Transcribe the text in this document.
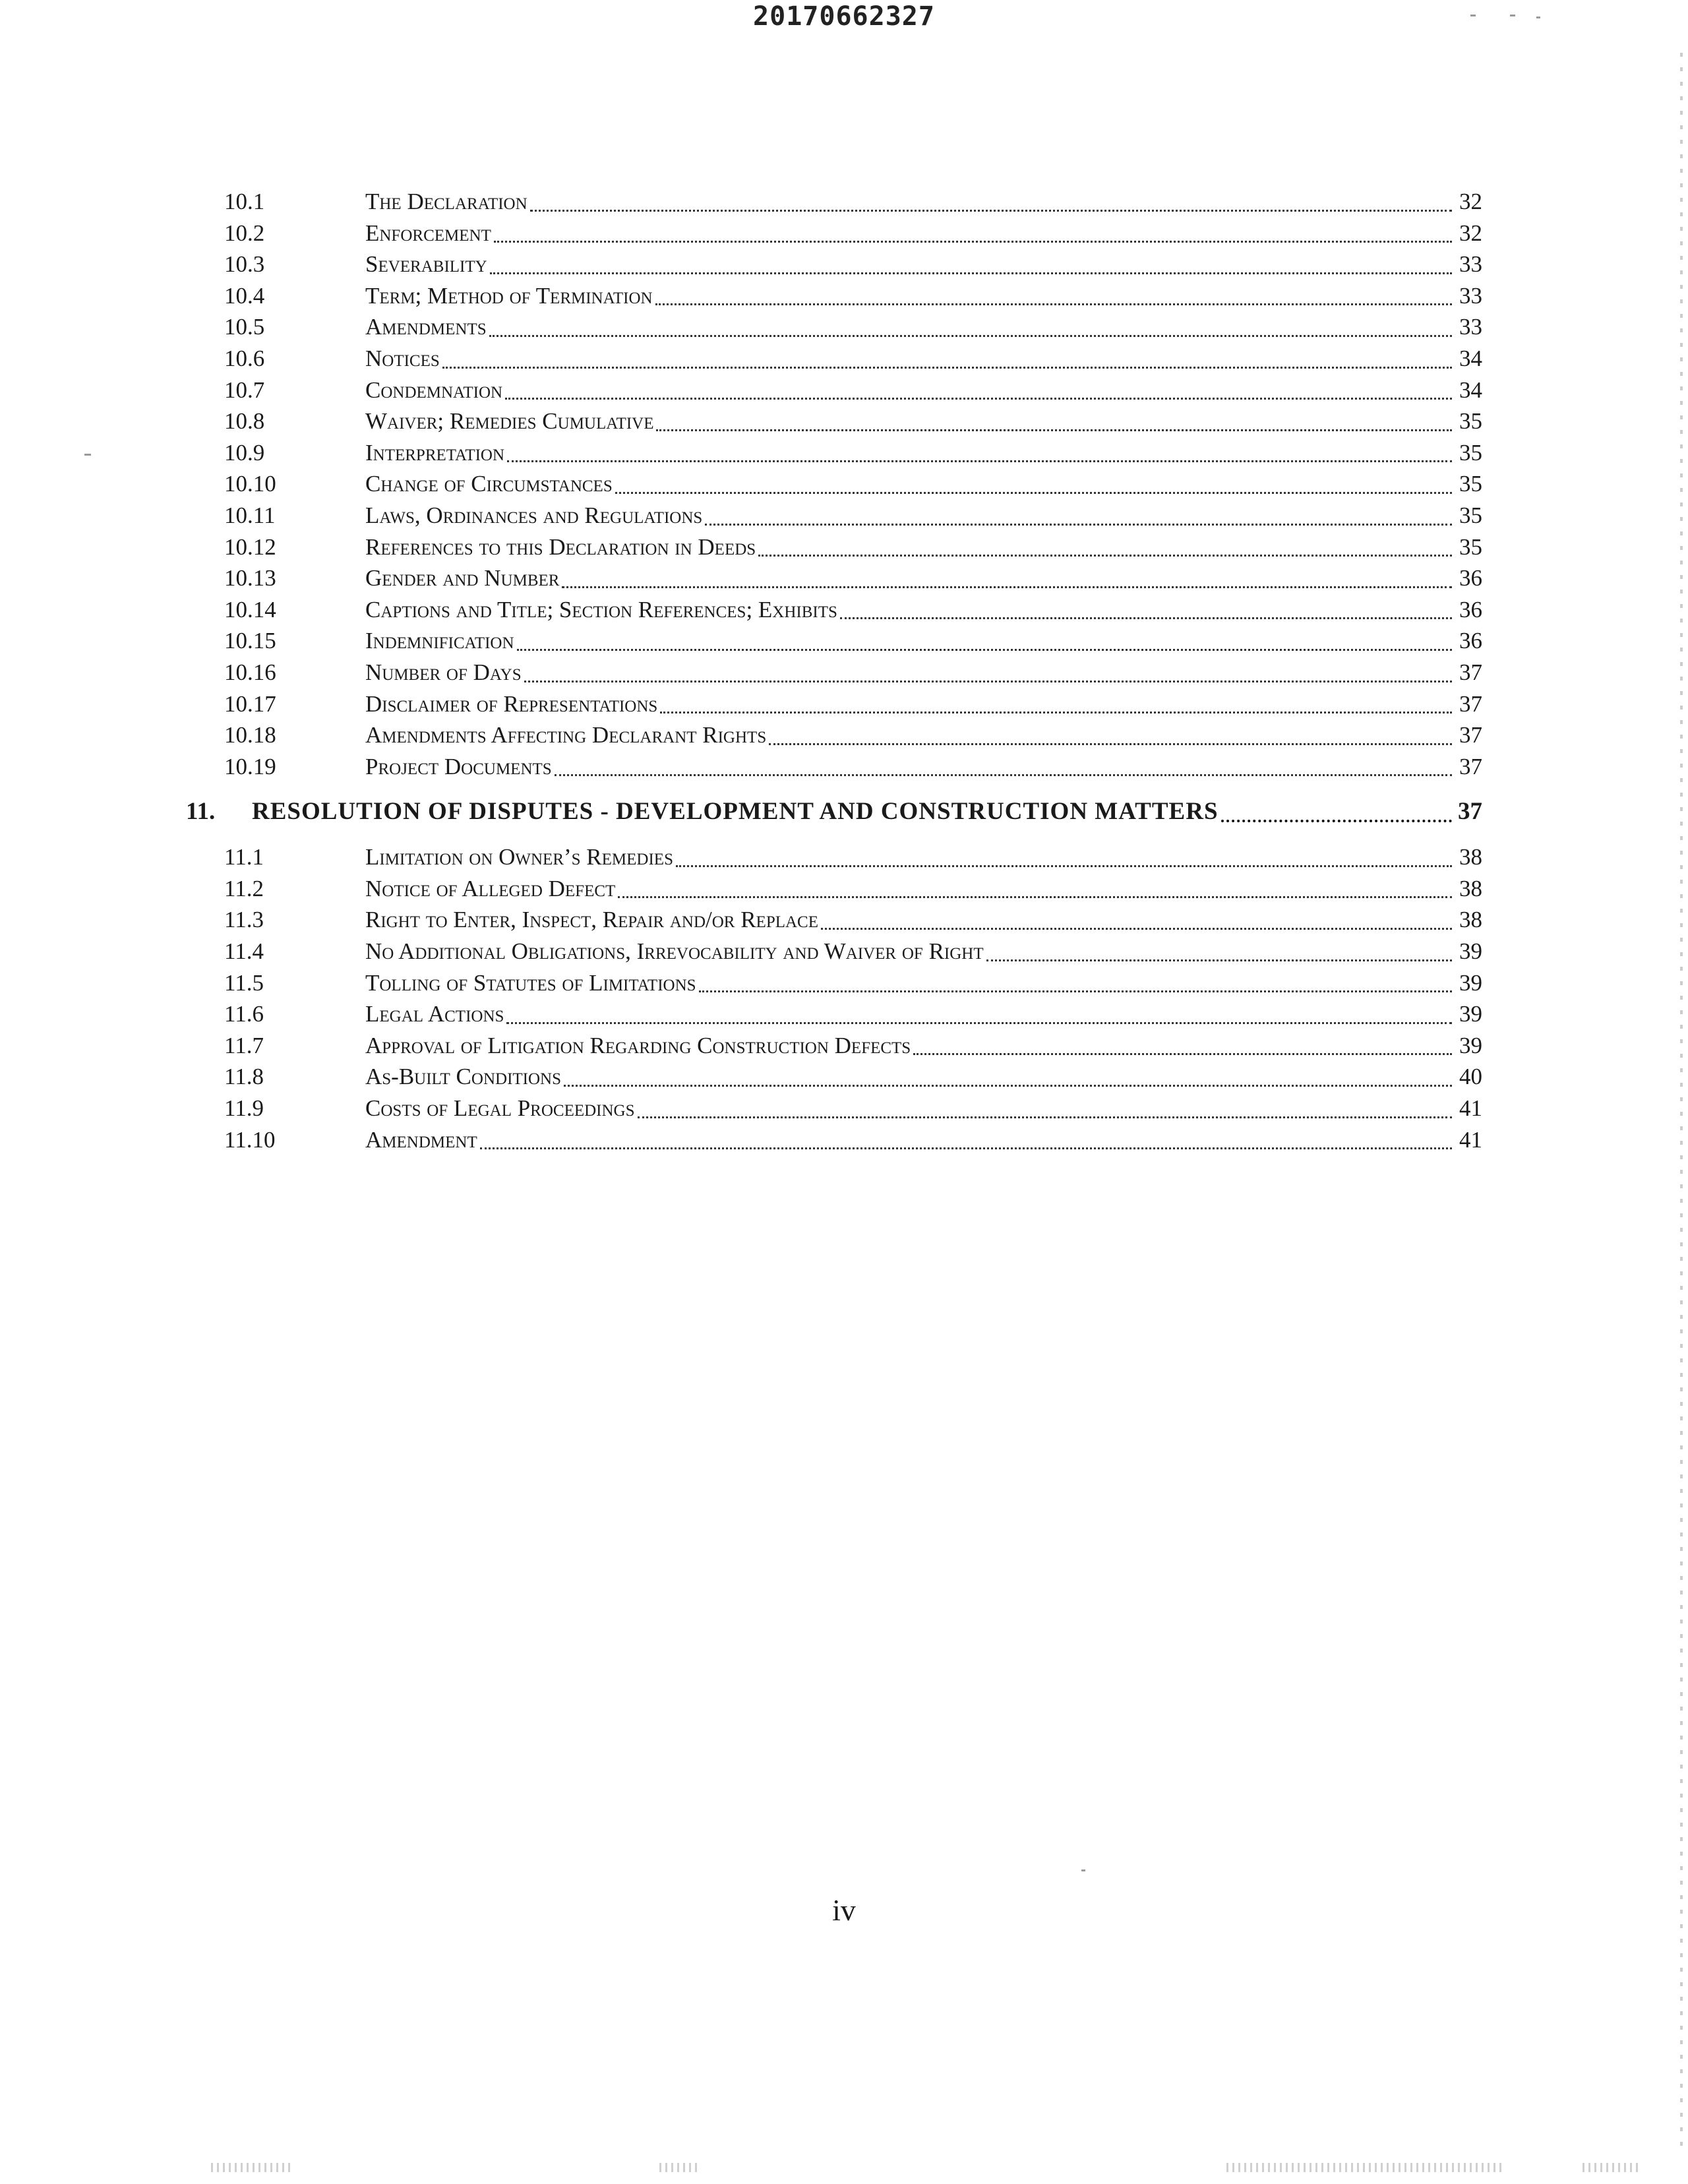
20170662327
10.1	The Declaration	32
10.2	Enforcement	32
10.3	Severability	33
10.4	Term; Method of Termination	33
10.5	Amendments	33
10.6	Notices	34
10.7	Condemnation	34
10.8	Waiver; Remedies Cumulative	35
10.9	Interpretation	35
10.10	Change of Circumstances	35
10.11	Laws, Ordinances and Regulations	35
10.12	References to this Declaration in Deeds	35
10.13	Gender and Number	36
10.14	Captions and Title; Section References; Exhibits	36
10.15	Indemnification	36
10.16	Number of Days	37
10.17	Disclaimer of Representations	37
10.18	Amendments Affecting Declarant Rights	37
10.19	Project Documents	37
11.	RESOLUTION OF DISPUTES - DEVELOPMENT AND CONSTRUCTION MATTERS	37
11.1	Limitation on Owner’s Remedies	38
11.2	Notice of Alleged Defect	38
11.3	Right to Enter, Inspect, Repair and/or Replace	38
11.4	No Additional Obligations, Irrevocability and Waiver of Right	39
11.5	Tolling of Statutes of Limitations	39
11.6	Legal Actions	39
11.7	Approval of Litigation Regarding Construction Defects	39
11.8	As-Built Conditions	40
11.9	Costs of Legal Proceedings	41
11.10	Amendment	41
iv
